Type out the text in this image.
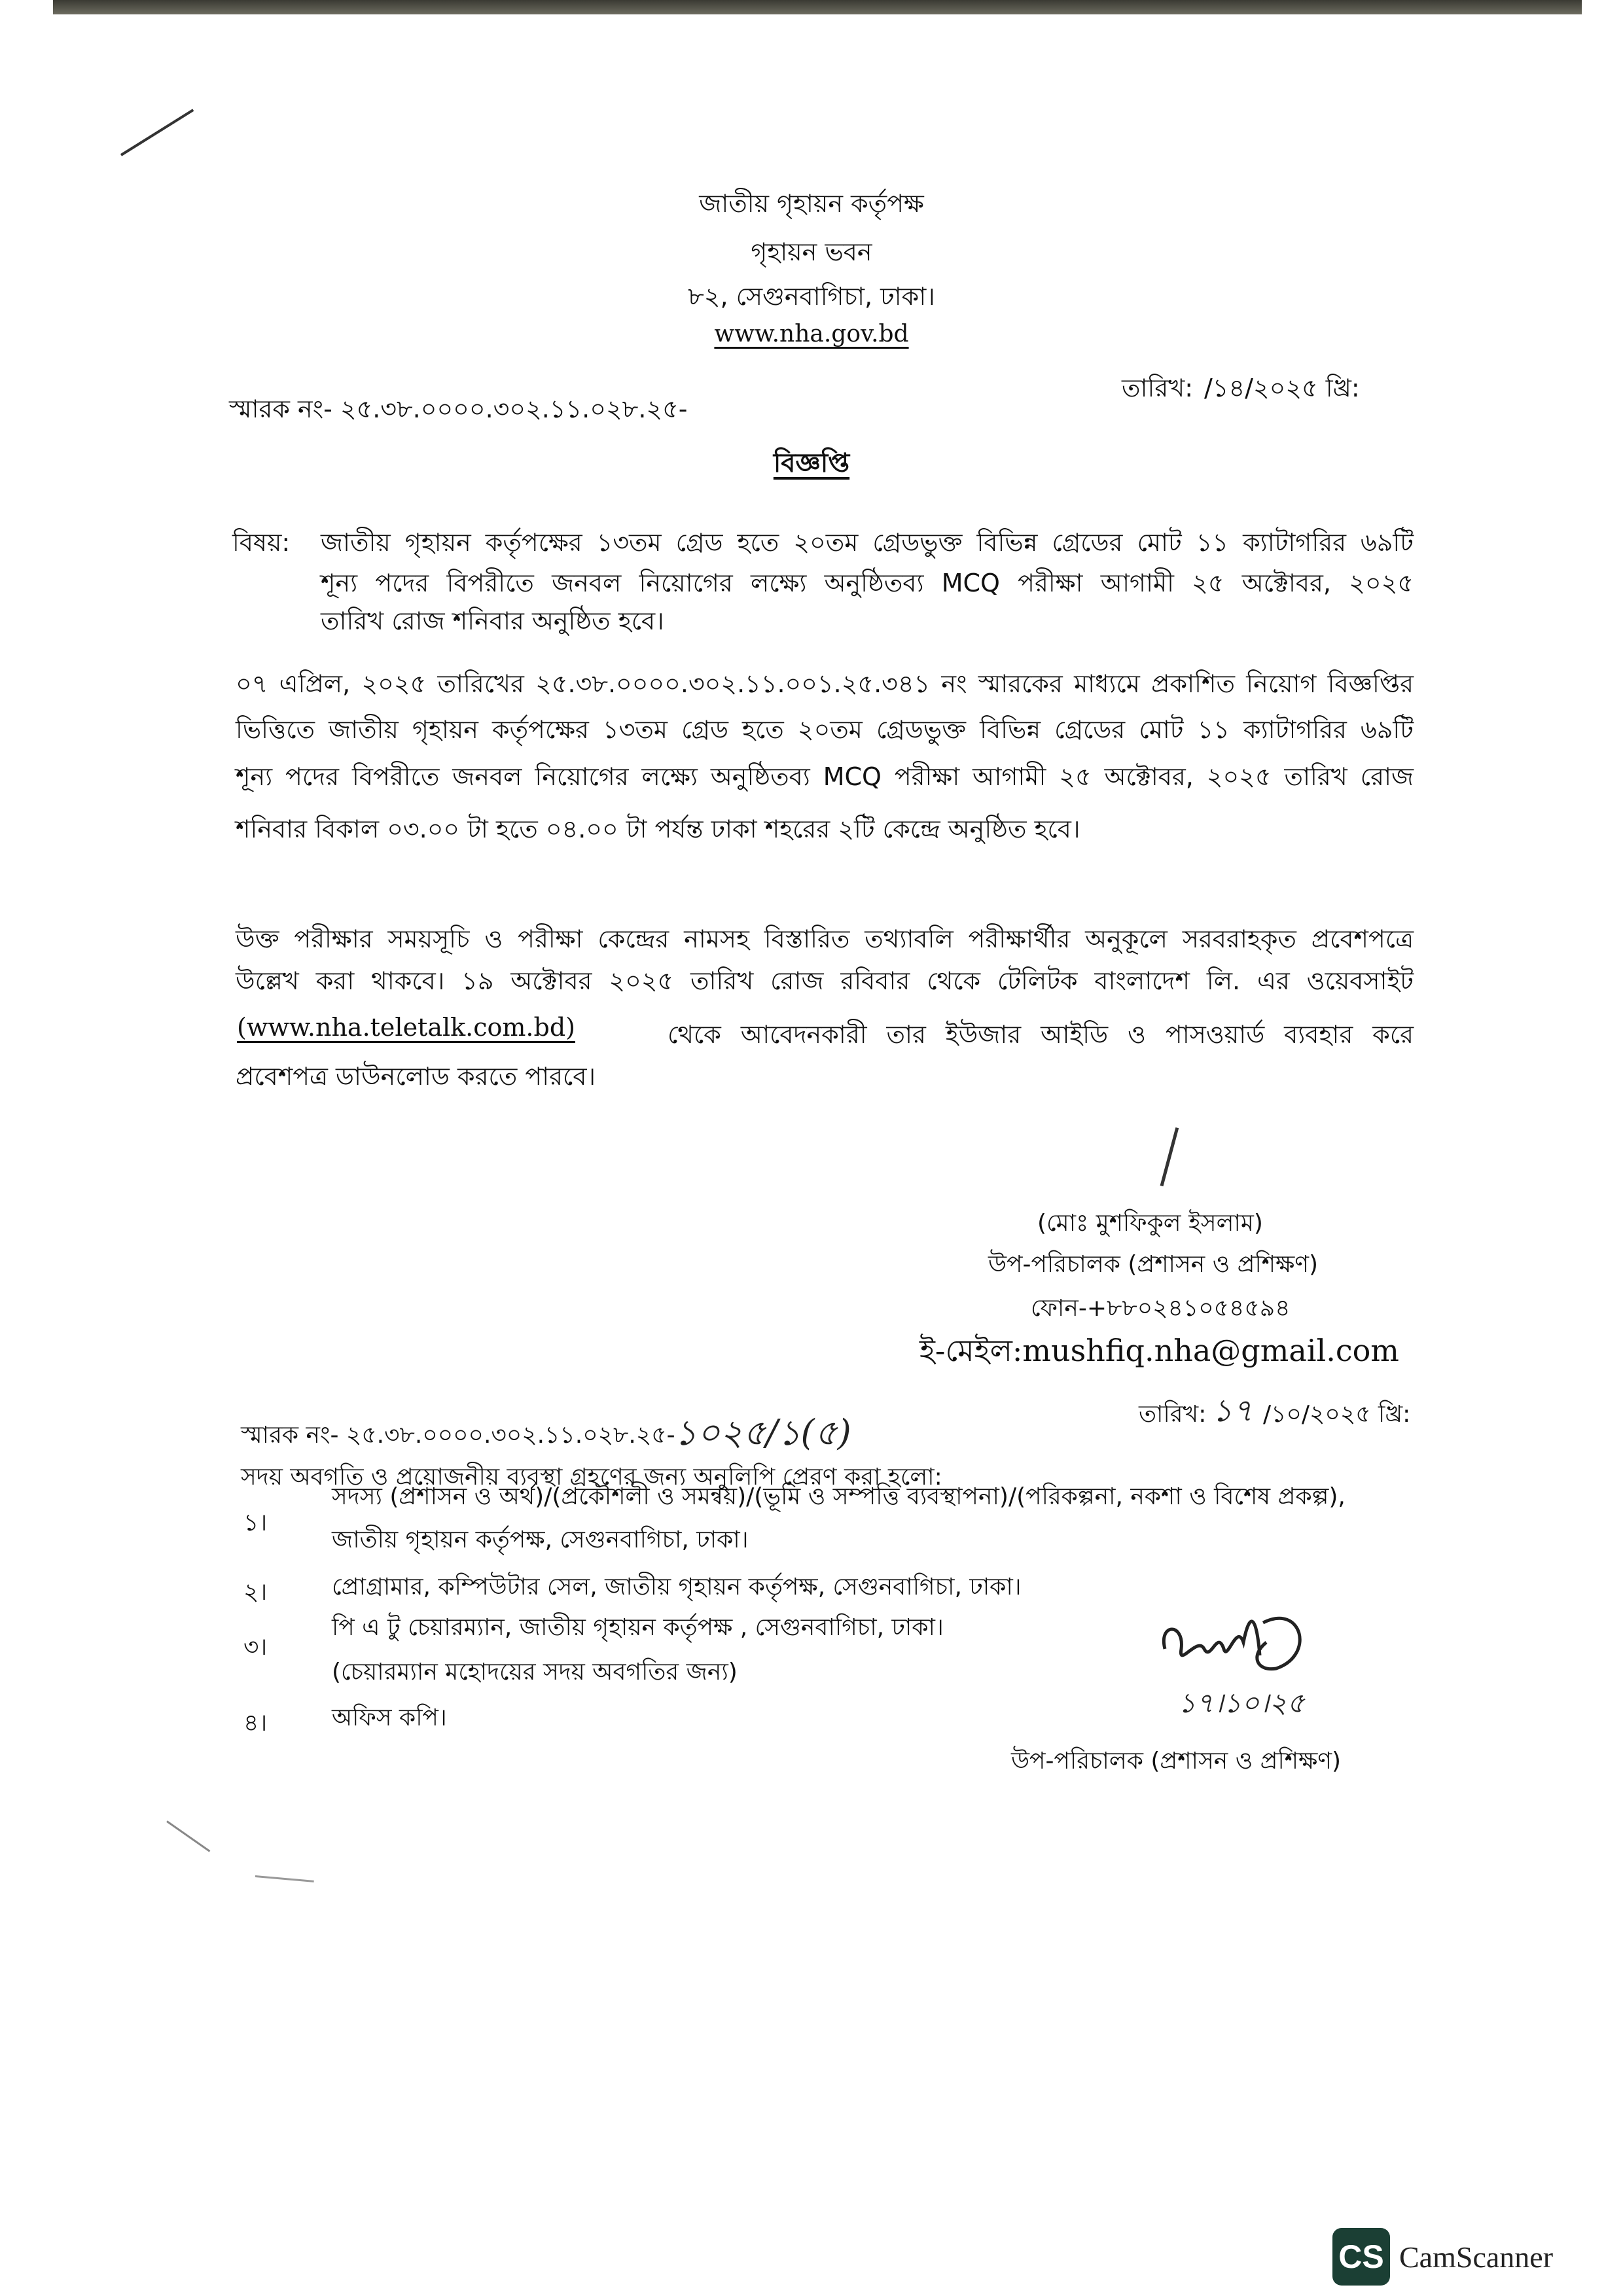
জাতীয় গৃহায়ন কর্তৃপক্ষ
গৃহায়ন ভবন
৮২, সেগুনবাগিচা, ঢাকা।
www.nha.gov.bd
স্মারক নং- ২৫.৩৮.০০০০.৩০২.১১.০২৮.২৫-
তারিখ: /১৪/২০২৫ খ্রি:
বিজ্ঞপ্তি
বিষয়: জাতীয় গৃহায়ন কর্তৃপক্ষের ১৩তম গ্রেড হতে ২০তম গ্রেডভুক্ত বিভিন্ন গ্রেডের মোট ১১ ক্যাটাগরির ৬৯টি
শূন্য পদের বিপরীতে জনবল নিয়োগের লক্ষ্যে অনুষ্ঠিতব্য MCQ পরীক্ষা আগামী ২৫ অক্টোবর, ২০২৫
তারিখ রোজ শনিবার অনুষ্ঠিত হবে।
০৭ এপ্রিল, ২০২৫ তারিখের ২৫.৩৮.০০০০.৩০২.১১.০০১.২৫.৩৪১ নং স্মারকের মাধ্যমে প্রকাশিত নিয়োগ বিজ্ঞপ্তির
ভিত্তিতে জাতীয় গৃহায়ন কর্তৃপক্ষের ১৩তম গ্রেড হতে ২০তম গ্রেডভুক্ত বিভিন্ন গ্রেডের মোট ১১ ক্যাটাগরির ৬৯টি
শূন্য পদের বিপরীতে জনবল নিয়োগের লক্ষ্যে অনুষ্ঠিতব্য MCQ পরীক্ষা আগামী ২৫ অক্টোবর, ২০২৫ তারিখ রোজ
শনিবার বিকাল ০৩.০০ টা হতে ০৪.০০ টা পর্যন্ত ঢাকা শহরের ২টি কেন্দ্রে অনুষ্ঠিত হবে।
উক্ত পরীক্ষার সময়সূচি ও পরীক্ষা কেন্দ্রের নামসহ বিস্তারিত তথ্যাবলি পরীক্ষার্থীর অনুকূলে সরবরাহকৃত প্রবেশপত্রে
উল্লেখ করা থাকবে। ১৯ অক্টোবর ২০২৫ তারিখ রোজ রবিবার থেকে টেলিটক বাংলাদেশ লি. এর ওয়েবসাইট
(www.nha.teletalk.com.bd)	থেকে আবেদনকারী তার ইউজার আইডি ও পাসওয়ার্ড ব্যবহার করে
প্রবেশপত্র ডাউনলোড করতে পারবে।
(মোঃ মুশফিকুল ইসলাম)
উপ-পরিচালক (প্রশাসন ও প্রশিক্ষণ)
ফোন-+৮৮০২৪১০৫৪৫৯৪
ই-মেইল:mushfiq.nha@gmail.com
তারিখ: ১৭ /১০/২০২৫ খ্রি:
স্মারক নং- ২৫.৩৮.০০০০.৩০২.১১.০২৮.২৫-
১০২৫/১(৫)
সদয় অবগতি ও প্রয়োজনীয় ব্যবস্থা গ্রহণের জন্য অনুলিপি প্রেরণ করা হলো:
১।
সদস্য (প্রশাসন ও অর্থ)/(প্রকৌশলী ও সমন্বয়)/(ভূমি ও সম্পত্তি ব্যবস্থাপনা)/(পরিকল্পনা, নকশা ও বিশেষ প্রকল্প),
জাতীয় গৃহায়ন কর্তৃপক্ষ, সেগুনবাগিচা, ঢাকা।
২।	প্রোগ্রামার, কম্পিউটার সেল, জাতীয় গৃহায়ন কর্তৃপক্ষ, সেগুনবাগিচা, ঢাকা।
৩।
পি এ টু চেয়ারম্যান, জাতীয় গৃহায়ন কর্তৃপক্ষ , সেগুনবাগিচা, ঢাকা।
(চেয়ারম্যান মহোদয়ের সদয় অবগতির জন্য)
৪।	অফিস কপি।	১৭।১০।২৫
উপ-পরিচালক (প্রশাসন ও প্রশিক্ষণ)
CS CamScanner
